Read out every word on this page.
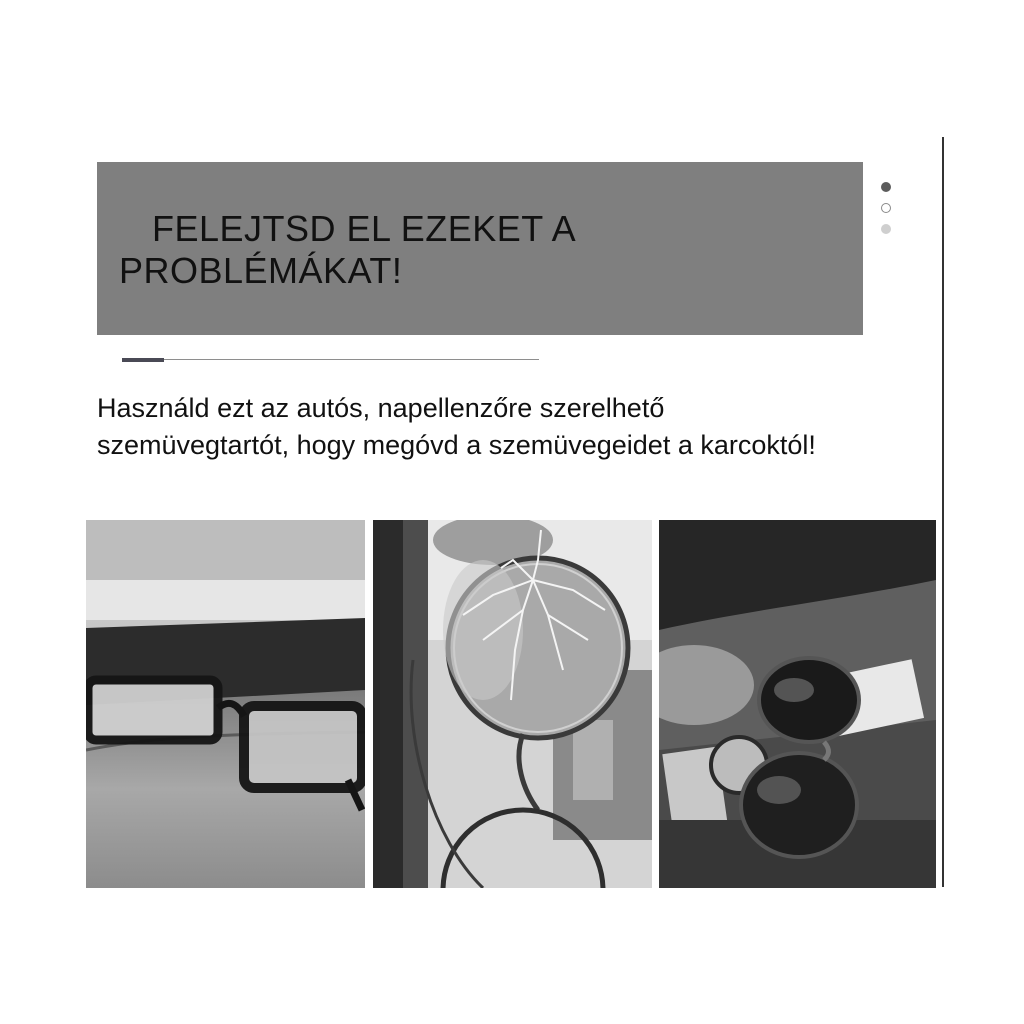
FELEJTSD EL EZEKET A
PROBLÉMÁKAT!

Használd ezt az autós, napellenzőre szerelhető
szemüvegtartót, hogy megóvd a szemüvegeidet a karcoktól!
